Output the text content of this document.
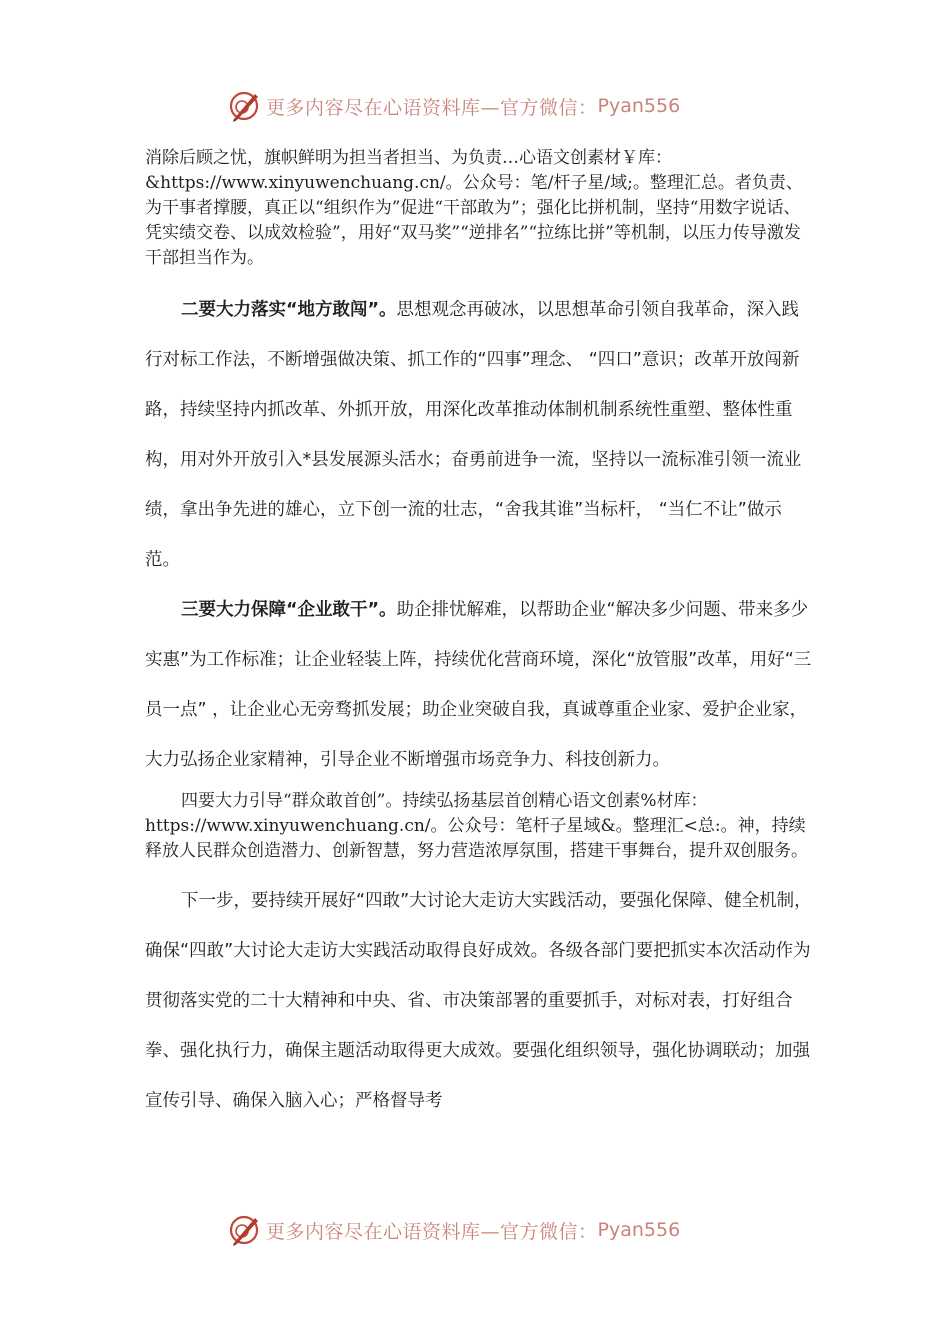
更多内容尽在心语资料库—官方微信： Pyan556

消除后顾之忧，旗帜鲜明为担当者担当、为负责…心语文创素材￥库：&https://www.xinyuwenchuang.cn/。公众号：笔/杆子星/域;。整理汇总。者负责、为干事者撑腰，真正以“组织作为”促进“干部敢为”；强化比拼机制，坚持“用数字说话、凭实绩交卷、以成效检验”，用好“双马奖”“逆排名”“拉练比拼”等机制，以压力传导激发干部担当作为。

二要大力落实“地方敢闯”。思想观念再破冰，以思想革命引领自我革命，深入践行对标工作法，不断增强做决策、抓工作的“四事”理念、 “四口”意识；改革开放闯新路，持续坚持内抓改革、外抓开放，用深化改革推动体制机制系统性重塑、整体性重构，用对外开放引入*县发展源头活水；奋勇前进争一流，坚持以一流标准引领一流业绩，拿出争先进的雄心，立下创一流的壮志，“舍我其谁”当标杆， “当仁不让”做示范。

三要大力保障“企业敢干”。助企排忧解难，以帮助企业“解决多少问题、带来多少实惠”为工作标准；让企业轻装上阵，持续优化营商环境，深化“放管服”改革，用好“三员一点” ，让企业心无旁骛抓发展；助企业突破自我，真诚尊重企业家、爱护企业家，大力弘扬企业家精神，引导企业不断增强市场竞争力、科技创新力。

四要大力引导“群众敢首创”。持续弘扬基层首创精心语文创素%材库：https://www.xinyuwenchuang.cn/。公众号：笔杆子星域&。整理汇<总:。神，持续释放人民群众创造潜力、创新智慧，努力营造浓厚氛围，搭建干事舞台，提升双创服务。

下一步，要持续开展好“四敢”大讨论大走访大实践活动，要强化保障、健全机制，确保“四敢”大讨论大走访大实践活动取得良好成效。各级各部门要把抓实本次活动作为贯彻落实党的二十大精神和中央、省、市决策部署的重要抓手，对标对表，打好组合拳、强化执行力，确保主题活动取得更大成效。要强化组织领导，强化协调联动；加强宣传引导、确保入脑入心；严格督导考

更多内容尽在心语资料库—官方微信： Pyan556
